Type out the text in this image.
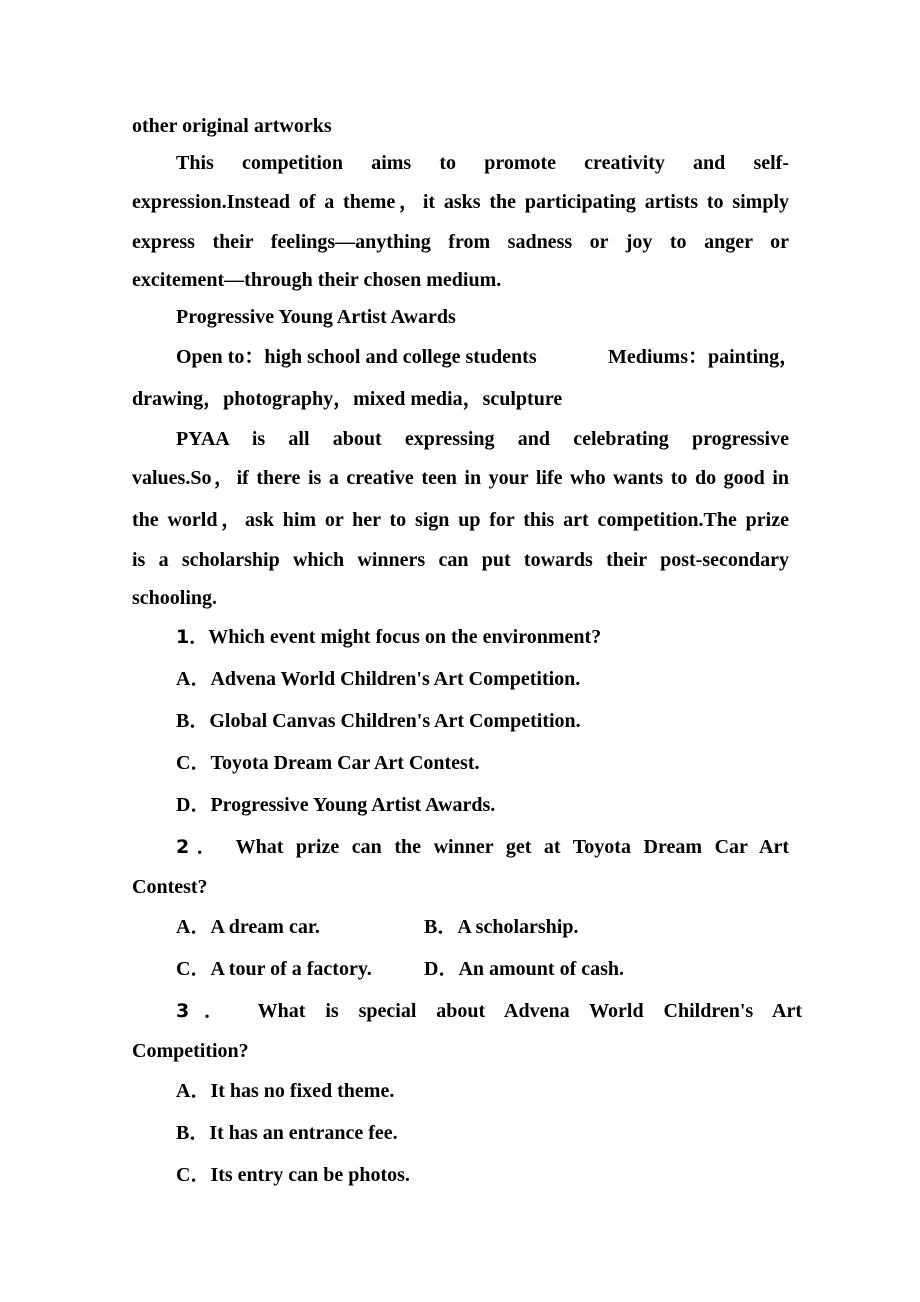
other original artworks
This competition aims to promote creativity and self-
expression.Instead of a theme，it asks the participating artists to simply
express their feelings—anything from sadness or joy to anger or
excitement—through their chosen medium.
Progressive Young Artist Awards
Open to：high school and college students	Mediums：painting，
drawing，photography，mixed media，sculpture
PYAA is all about expressing and celebrating progressive
values.So，if there is a creative teen in your life who wants to do good in
the world，ask him or her to sign up for this art competition.The prize
is a scholarship which winners can put towards their post-secondary
schooling.
1．Which event might focus on the environment?
A．Advena World Children's Art Competition.
B．Global Canvas Children's Art Competition.
C．Toyota Dream Car Art Contest.
D．Progressive Young Artist Awards.
2． What prize can the winner get at Toyota Dream Car Art
Contest?
A．A dream car.	B．A scholarship.
C．A tour of a factory.	D．An amount of cash.
3． What is special about Advena World Children's Art
Competition?
A．It has no fixed theme.
B．It has an entrance fee.
C．Its entry can be photos.
